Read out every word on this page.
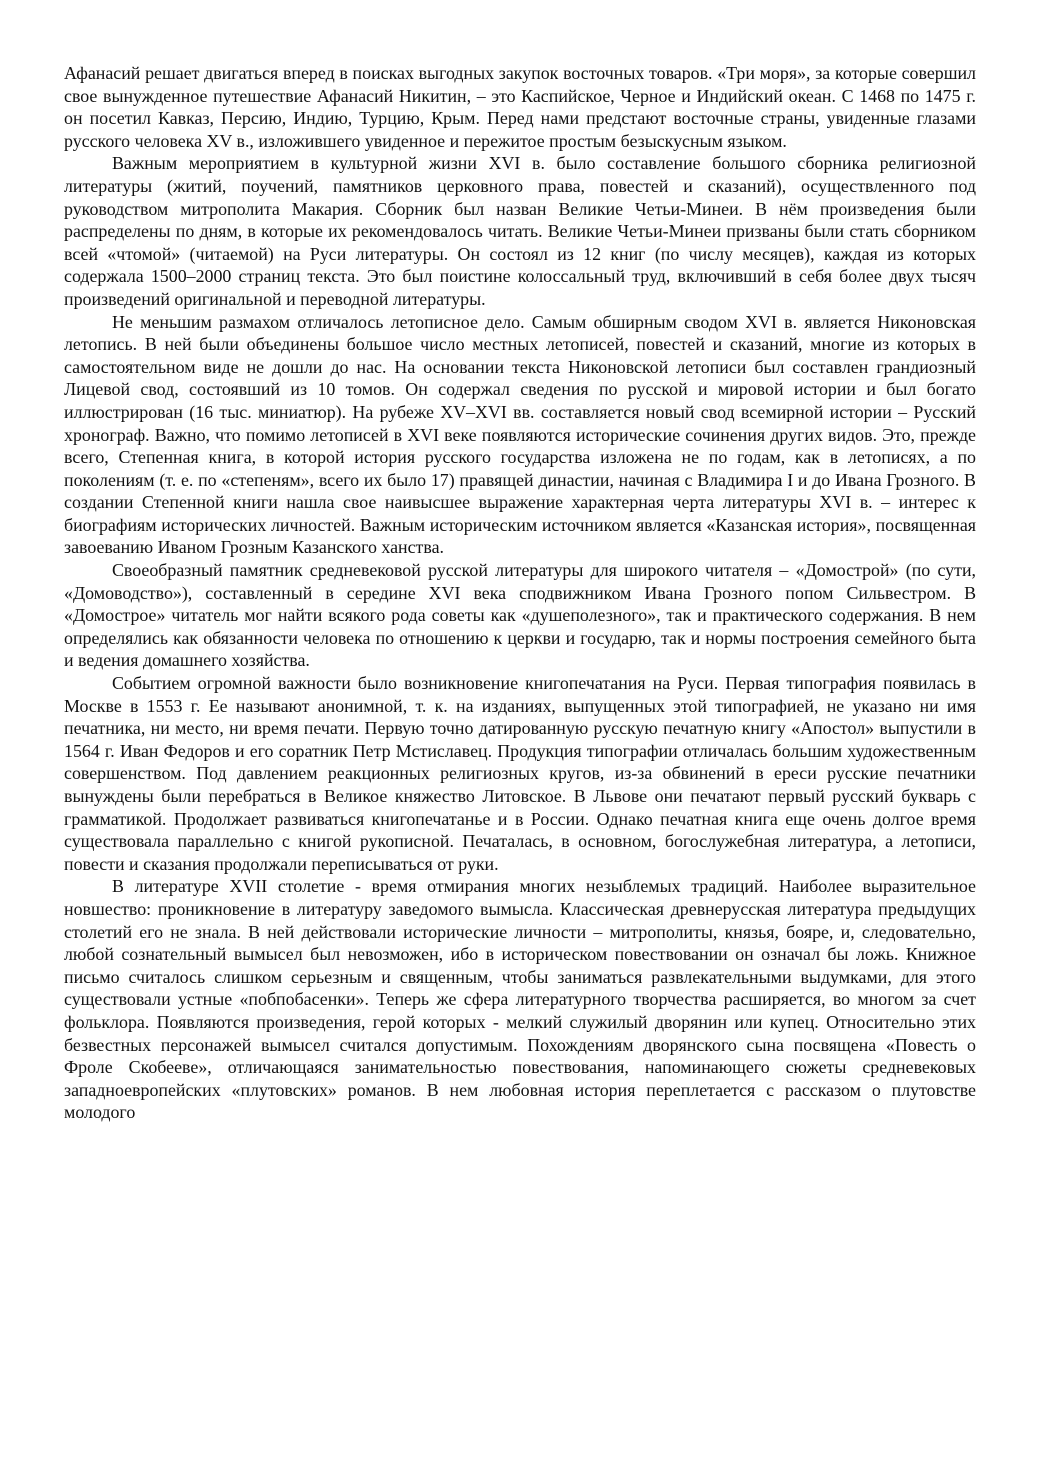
Афанасий решает двигаться вперед в поисках выгодных закупок восточных товаров. «Три моря», за которые совершил свое вынужденное путешествие Афанасий Никитин, – это Каспийское, Черное и Индийский океан. С 1468 по 1475 г. он посетил Кавказ, Персию, Индию, Турцию, Крым. Перед нами предстают восточные страны, увиденные глазами русского человека XV в., изложившего увиденное и пережитое простым безыскусным языком.

Важным мероприятием в культурной жизни XVI в. было составление большого сборника религиозной литературы (житий, поучений, памятников церковного права, повестей и сказаний), осуществленного под руководством митрополита Макария. Сборник был назван Великие Четьи-Минеи. В нём произведения были распределены по дням, в которые их рекомендовалось читать. Великие Четьи-Минеи призваны были стать сборником всей «чтомой» (читаемой) на Руси литературы. Он состоял из 12 книг (по числу месяцев), каждая из которых содержала 1500–2000 страниц текста. Это был поистине колоссальный труд, включивший в себя более двух тысяч произведений оригинальной и переводной литературы.

Не меньшим размахом отличалось летописное дело. Самым обширным сводом XVI в. является Никоновская летопись. В ней были объединены большое число местных летописей, повестей и сказаний, многие из которых в самостоятельном виде не дошли до нас. На основании текста Никоновской летописи был составлен грандиозный Лицевой свод, состоявший из 10 томов. Он содержал сведения по русской и мировой истории и был богато иллюстрирован (16 тыс. миниатюр). На рубеже XV–XVI вв. составляется новый свод всемирной истории – Русский хронограф. Важно, что помимо летописей в XVI веке появляются исторические сочинения других видов. Это, прежде всего, Степенная книга, в которой история русского государства изложена не по годам, как в летописях, а по поколениям (т. е. по «степеням», всего их было 17) правящей династии, начиная с Владимира I и до Ивана Грозного. В создании Степенной книги нашла свое наивысшее выражение характерная черта литературы XVI в. – интерес к биографиям исторических личностей. Важным историческим источником является «Казанская история», посвященная завоеванию Иваном Грозным Казанского ханства.

Своеобразный памятник средневековой русской литературы для широкого читателя – «Домострой» (по сути, «Домоводство»), составленный в середине XVI века сподвижником Ивана Грозного попом Сильвестром. В «Домострое» читатель мог найти всякого рода советы как «душеполезного», так и практического содержания. В нем определялись как обязанности человека по отношению к церкви и государю, так и нормы построения семейного быта и ведения домашнего хозяйства.

Событием огромной важности было возникновение книгопечатания на Руси. Первая типография появилась в Москве в 1553 г. Ее называют анонимной, т. к. на изданиях, выпущенных этой типографией, не указано ни имя печатника, ни место, ни время печати. Первую точно датированную русскую печатную книгу «Апостол» выпустили в 1564 г. Иван Федоров и его соратник Петр Мстиславец. Продукция типографии отличалась большим художественным совершенством. Под давлением реакционных религиозных кругов, из-за обвинений в ереси русские печатники вынуждены были перебраться в Великое княжество Литовское. В Львове они печатают первый русский букварь с грамматикой. Продолжает развиваться книгопечатанье и в России. Однако печатная книга еще очень долгое время существовала параллельно с книгой рукописной. Печаталась, в основном, богослужебная литература, а летописи, повести и сказания продолжали переписываться от руки.

В литературе XVII столетие - время отмирания многих незыблемых традиций. Наиболее выразительное новшество: проникновение в литературу заведомого вымысла. Классическая древнерусская литература предыдущих столетий его не знала. В ней действовали исторические личности – митрополиты, князья, бояре, и, следовательно, любой сознательный вымысел был невозможен, ибо в историческом повествовании он означал бы ложь. Книжное письмо считалось слишком серьезным и священным, чтобы заниматься развлекательными выдумками, для этого существовали устные «побпобасенки». Теперь же сфера литературного творчества расширяется, во многом за счет фольклора. Появляются произведения, герой которых - мелкий служилый дворянин или купец. Относительно этих безвестных персонажей вымысел считался допустимым. Похождениям дворянского сына посвящена «Повесть о Фроле Скобееве», отличающаяся занимательностью повествования, напоминающего сюжеты средневековых западноевропейских «плутовских» романов. В нем любовная история переплетается с рассказом о плутовстве молодого
